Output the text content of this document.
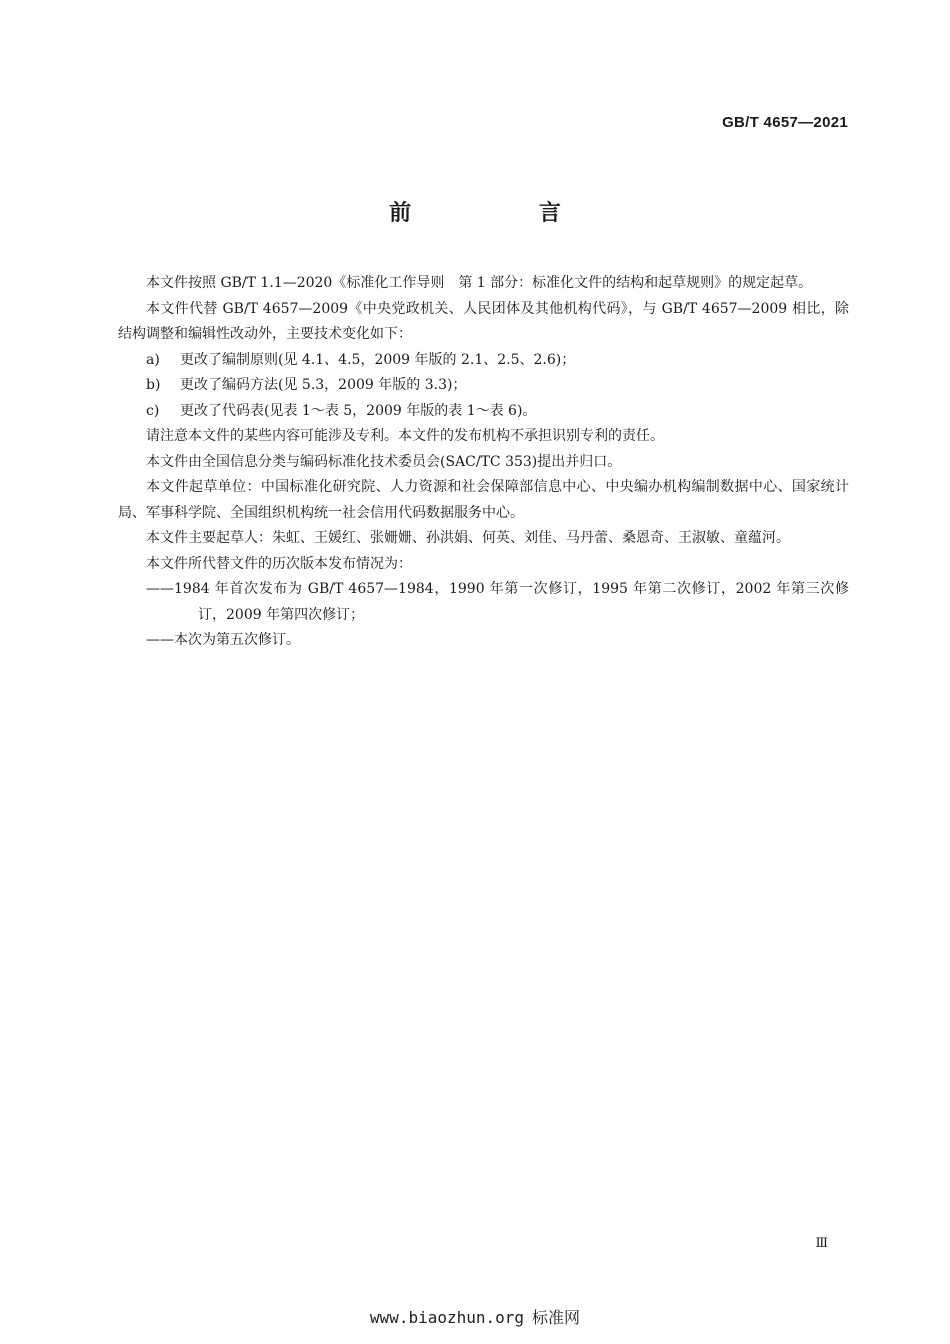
GB/T 4657—2021
前 言

本文件按照 GB/T 1.1—2020《标准化工作导则　第 1 部分：标准化文件的结构和起草规则》的规定起草。

本文件代替 GB/T 4657—2009《中央党政机关、人民团体及其他机构代码》，与 GB/T 4657—2009 相比，除结构调整和编辑性改动外，主要技术变化如下：

a) 更改了编制原则(见 4.1、4.5，2009 年版的 2.1、2.5、2.6)；

b) 更改了编码方法(见 5.3，2009 年版的 3.3)；

c) 更改了代码表(见表 1～表 5，2009 年版的表 1～表 6)。

请注意本文件的某些内容可能涉及专利。本文件的发布机构不承担识别专利的责任。

本文件由全国信息分类与编码标准化技术委员会(SAC/TC 353)提出并归口。

本文件起草单位：中国标准化研究院、人力资源和社会保障部信息中心、中央编办机构编制数据中心、国家统计局、军事科学院、全国组织机构统一社会信用代码数据服务中心。

本文件主要起草人：朱虹、王媛红、张姗姗、孙洪娟、何英、刘佳、马丹蕾、桑恩奇、王淑敏、童蕴河。

本文件所代替文件的历次版本发布情况为：

——1984 年首次发布为 GB/T 4657—1984，1990 年第一次修订，1995 年第二次修订，2002 年第三次修订，2009 年第四次修订；

——本次为第五次修订。

Ⅲ
www.biaozhun.org 标准网
